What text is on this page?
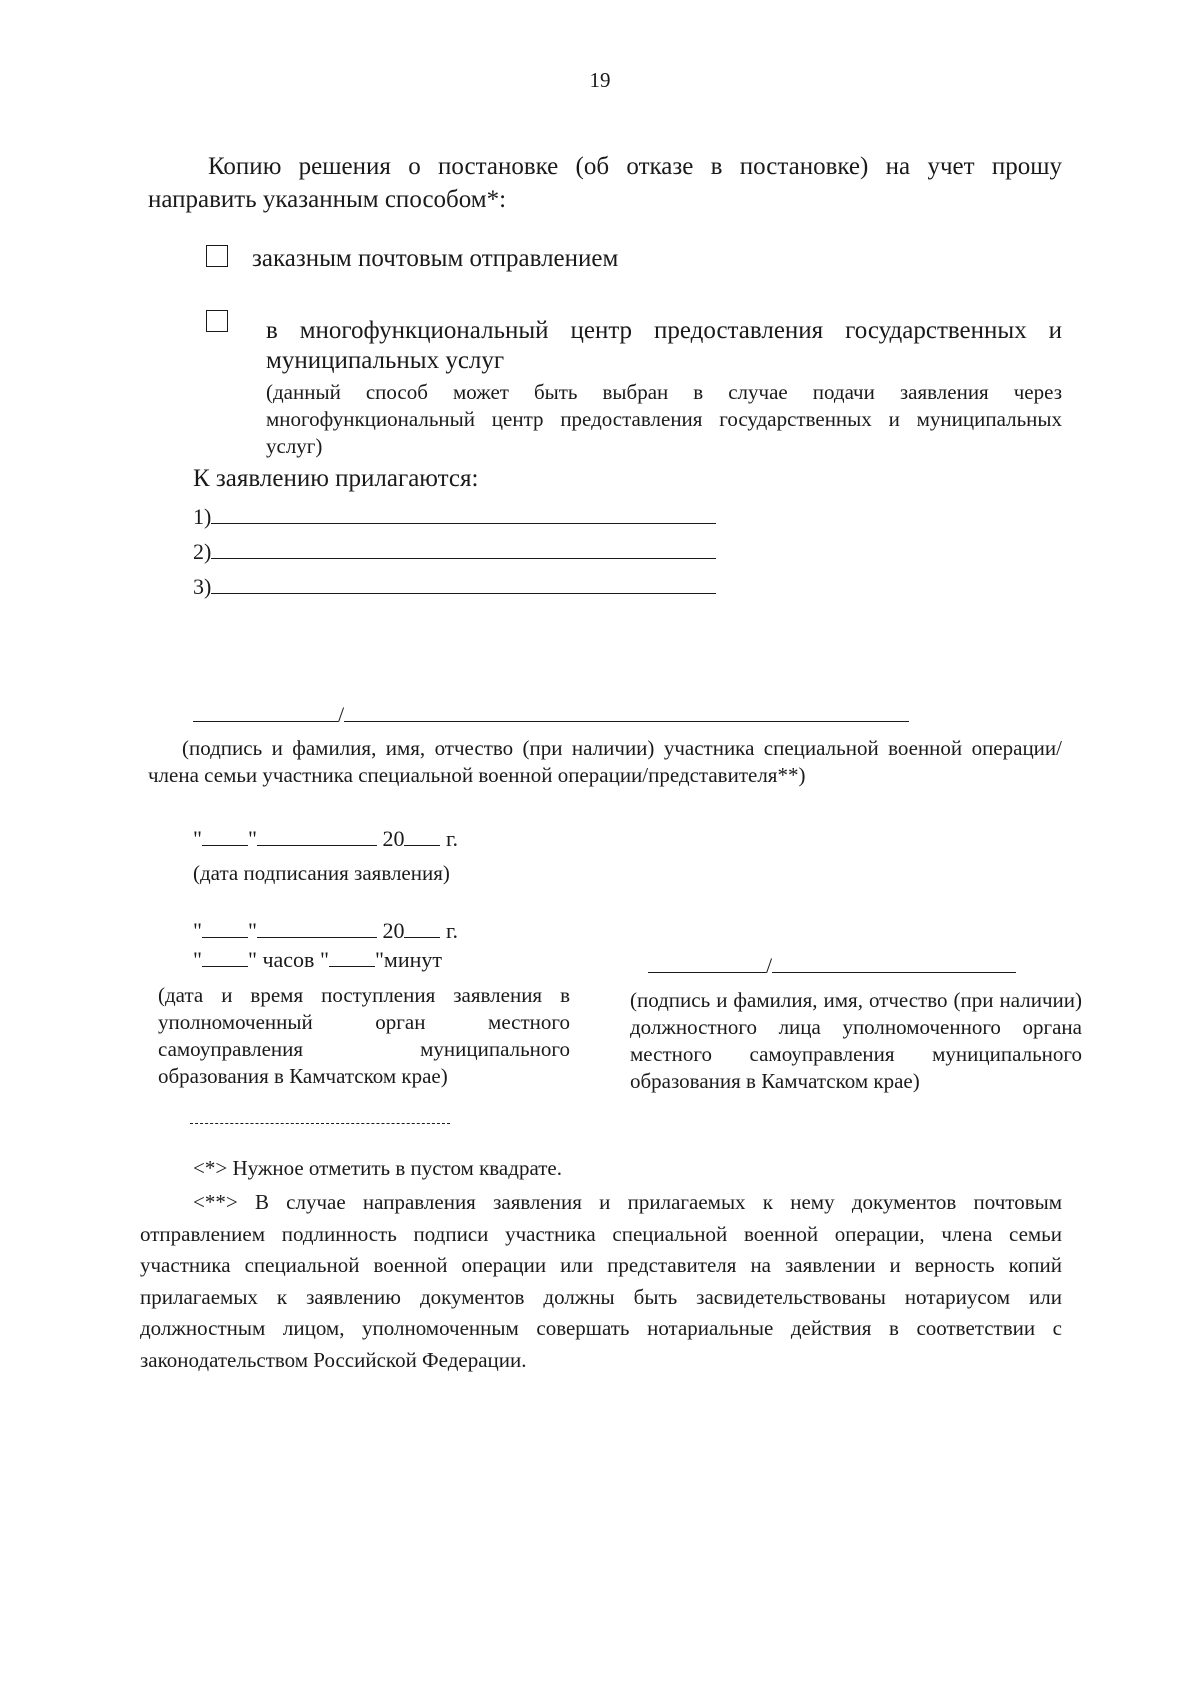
19
Копию решения о постановке (об отказе в постановке) на учет прошу направить указанным способом*:
заказным почтовым отправлением
в многофункциональный центр предоставления государственных и муниципальных услуг
(данный способ может быть выбран в случае подачи заявления через многофункциональный центр предоставления государственных и муниципальных услуг)
К заявлению прилагаются:
1)
2)
3)
/
(подпись и фамилия, имя, отчество (при наличии) участника специальной военной операции/члена семьи участника специальной военной операции/представителя**)
" "	20 г.
(дата подписания заявления)
" "	20 г.
" " часов " "минут
(дата и время поступления заявления в уполномоченный орган местного самоуправления муниципального образования в Камчатском крае)
/
(подпись и фамилия, имя, отчество (при наличии) должностного лица уполномоченного органа местного самоуправления муниципального образования в Камчатском крае)
<*> Нужное отметить в пустом квадрате.
<**> В случае направления заявления и прилагаемых к нему документов почтовым отправлением подлинность подписи участника специальной военной операции, члена семьи участника специальной военной операции или представителя на заявлении и верность копий прилагаемых к заявлению документов должны быть засвидетельствованы нотариусом или должностным лицом, уполномоченным совершать нотариальные действия в соответствии с законодательством Российской Федерации.
